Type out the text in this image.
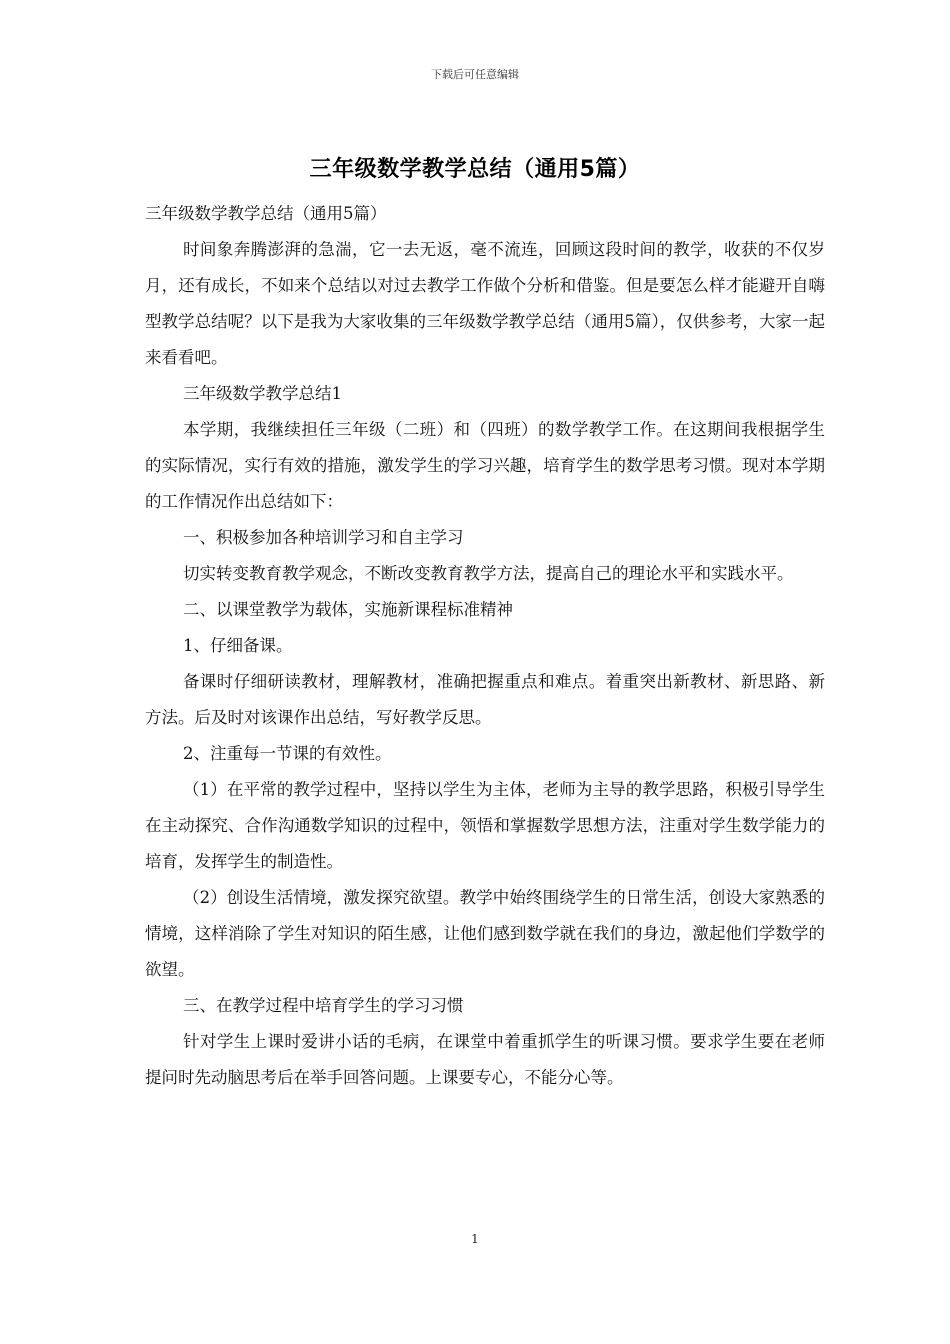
下载后可任意编辑
三年级数学教学总结（通用5篇）

三年级数学教学总结（通用5篇）

时间象奔腾澎湃的急湍，它一去无返，毫不流连，回顾这段时间的教学，收获的不仅岁月，还有成长，不如来个总结以对过去教学工作做个分析和借鉴。但是要怎么样才能避开自嗨型教学总结呢？以下是我为大家收集的三年级数学教学总结（通用5篇），仅供参考，大家一起来看看吧。

三年级数学教学总结1

本学期，我继续担任三年级（二班）和（四班）的数学教学工作。在这期间我根据学生的实际情况，实行有效的措施，激发学生的学习兴趣，培育学生的数学思考习惯。现对本学期的工作情况作出总结如下：

一、积极参加各种培训学习和自主学习

切实转变教育教学观念，不断改变教育教学方法，提高自己的理论水平和实践水平。

二、以课堂教学为载体，实施新课程标准精神

1、仔细备课。

备课时仔细研读教材，理解教材，准确把握重点和难点。着重突出新教材、新思路、新方法。后及时对该课作出总结，写好教学反思。

2、注重每一节课的有效性。

（1）在平常的教学过程中，坚持以学生为主体，老师为主导的教学思路，积极引导学生在主动探究、合作沟通数学知识的过程中，领悟和掌握数学思想方法，注重对学生数学能力的培育，发挥学生的制造性。

（2）创设生活情境，激发探究欲望。教学中始终围绕学生的日常生活，创设大家熟悉的情境，这样消除了学生对知识的陌生感，让他们感到数学就在我们的身边，激起他们学数学的欲望。

三、在教学过程中培育学生的学习习惯

针对学生上课时爱讲小话的毛病，在课堂中着重抓学生的听课习惯。要求学生要在老师提问时先动脑思考后在举手回答问题。上课要专心，不能分心等。

1
